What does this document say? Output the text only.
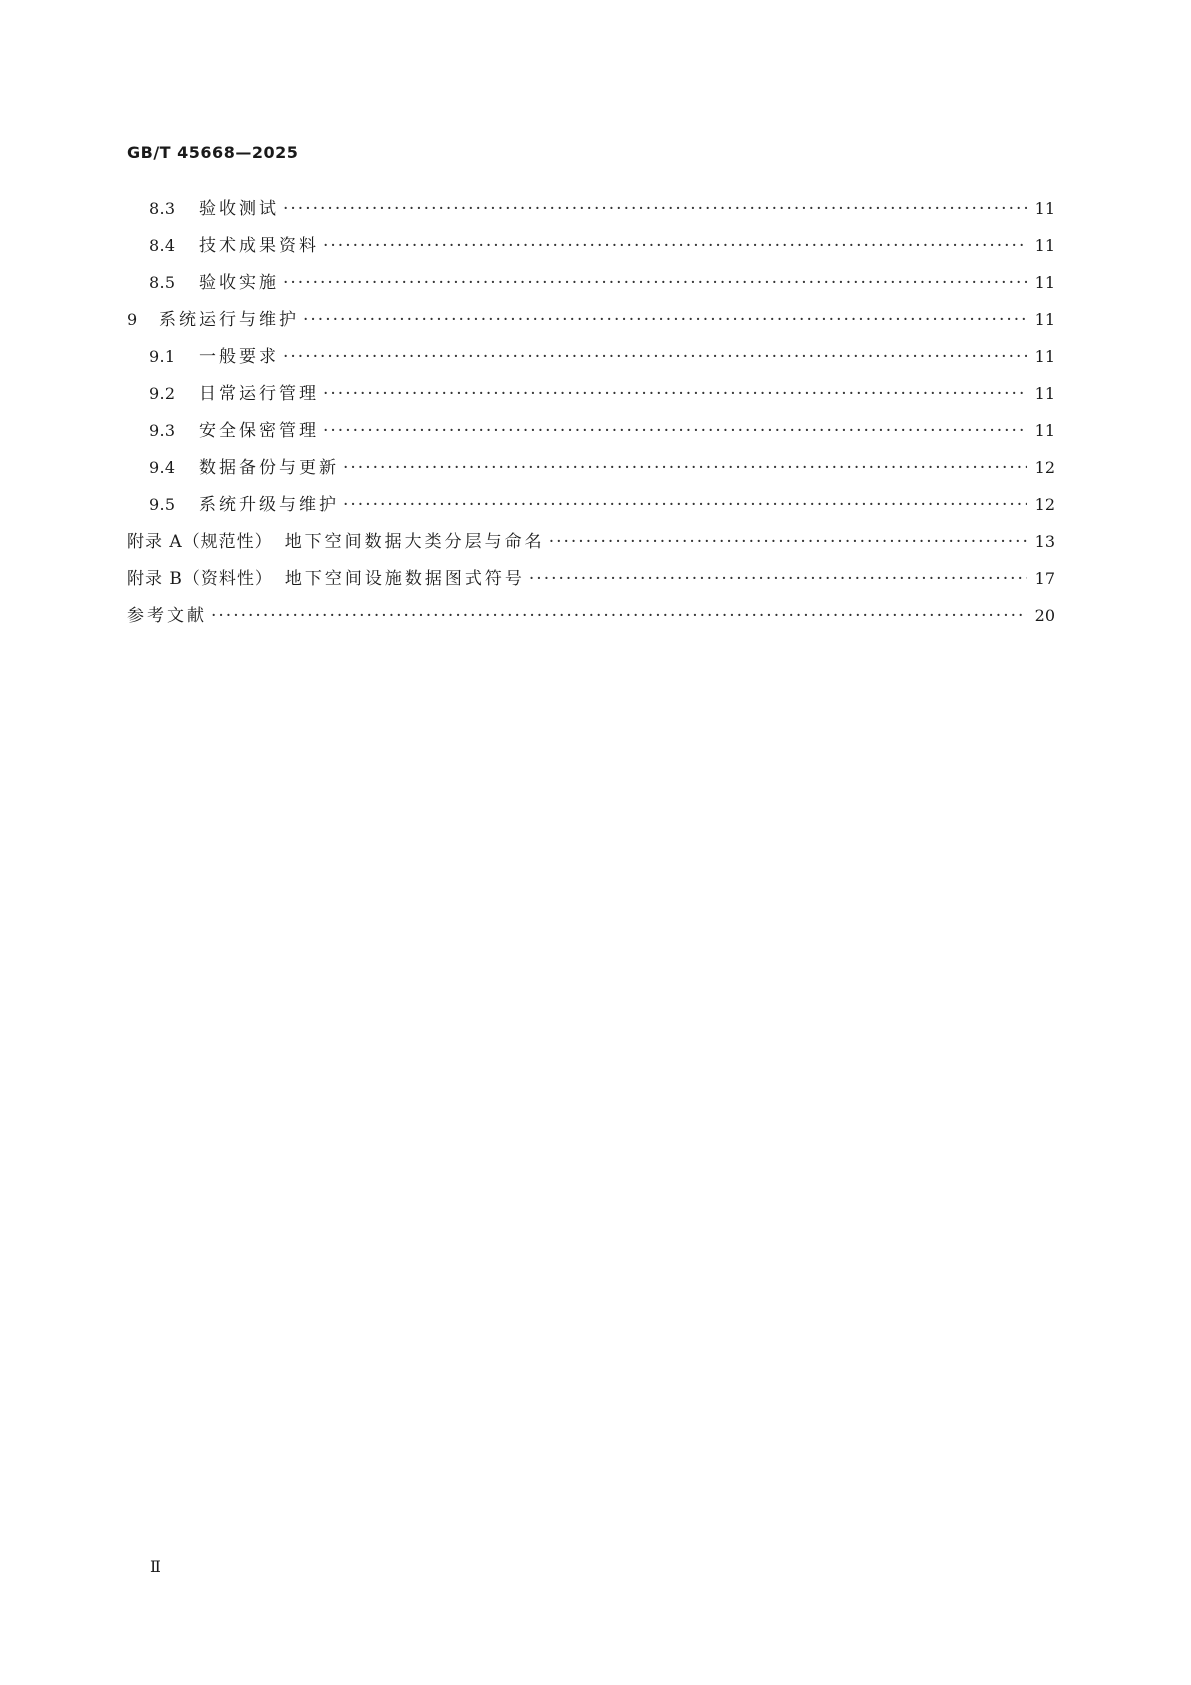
GB/T 45668—2025
8.3	验收测试 ·····	11
8.4	技术成果资料 ·····	11
8.5	验收实施 ·····	11
9	系统运行与维护 ·····	11
9.1	一般要求 ·····	11
9.2	日常运行管理 ·····	11
9.3	安全保密管理 ·····	11
9.4	数据备份与更新 ·····	12
9.5	系统升级与维护 ·····	12
附录 A（规范性） 地下空间数据大类分层与命名 ·····	13
附录 B（资料性） 地下空间设施数据图式符号 ·····	17
参考文献 ·····	20
Ⅱ
